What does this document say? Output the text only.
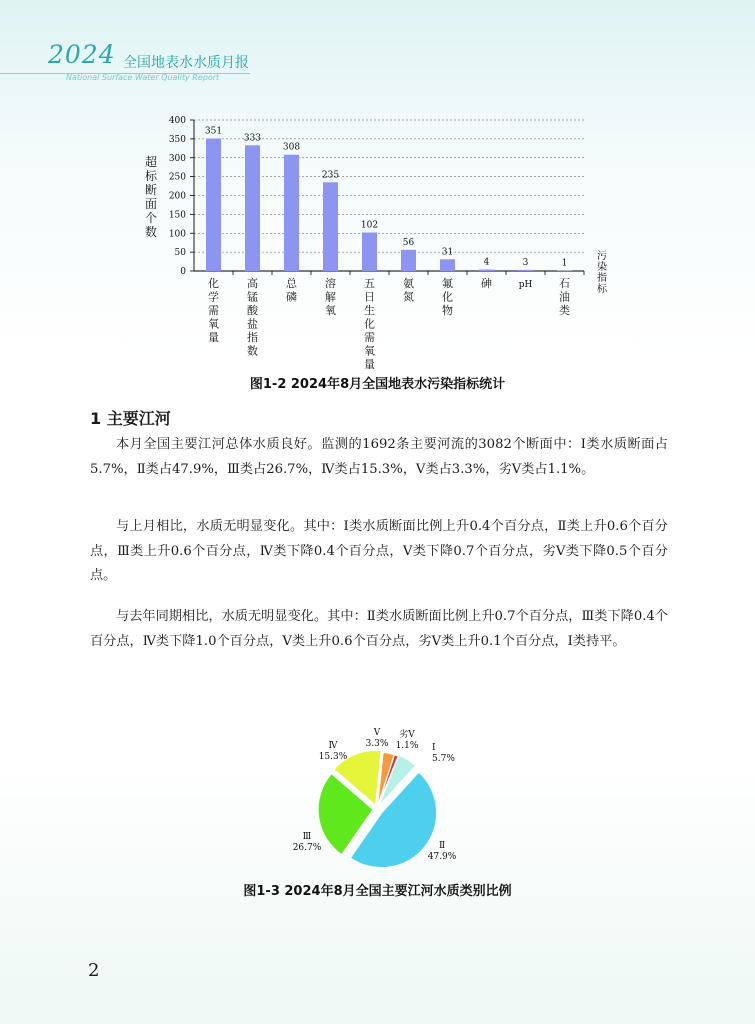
2024 全国地表水水质月报
National Surface Water Quality Report
0
50
100
150
200
250
300
350
400
超
标
断
面
个
数
污
染
指
标
351
化
学
需
氧
量
333
高
锰
酸
盐
指
数
308
总
磷
235
溶
解
氧
102
五
日
生
化
需
氧
量
56
氨
氮
31
氟
化
物
4
砷
3
pH
1
石
油
类
图1-2 2024年8月全国地表水污染指标统计
1 主要江河

本月全国主要江河总体水质良好。监测的1692条主要河流的3082个断面中：Ⅰ类水质断面占5.7%，Ⅱ类占47.9%，Ⅲ类占26.7%，Ⅳ类占15.3%，Ⅴ类占3.3%，劣Ⅴ类占1.1%。

与上月相比，水质无明显变化。其中：Ⅰ类水质断面比例上升0.4个百分点，Ⅱ类上升0.6个百分点，Ⅲ类上升0.6个百分点，Ⅳ类下降0.4个百分点，Ⅴ类下降0.7个百分点，劣Ⅴ类下降0.5个百分点。

与去年同期相比，水质无明显变化。其中：Ⅱ类水质断面比例上升0.7个百分点，Ⅲ类下降0.4个百分点，Ⅳ类下降1.0个百分点，Ⅴ类上升0.6个百分点，劣Ⅴ类上升0.1个百分点，Ⅰ类持平。

Ⅰ
5.7%
Ⅱ
47.9%
Ⅲ
26.7%
Ⅳ
15.3%
Ⅴ
3.3%
劣Ⅴ
1.1%
图1-3 2024年8月全国主要江河水质类别比例
2
